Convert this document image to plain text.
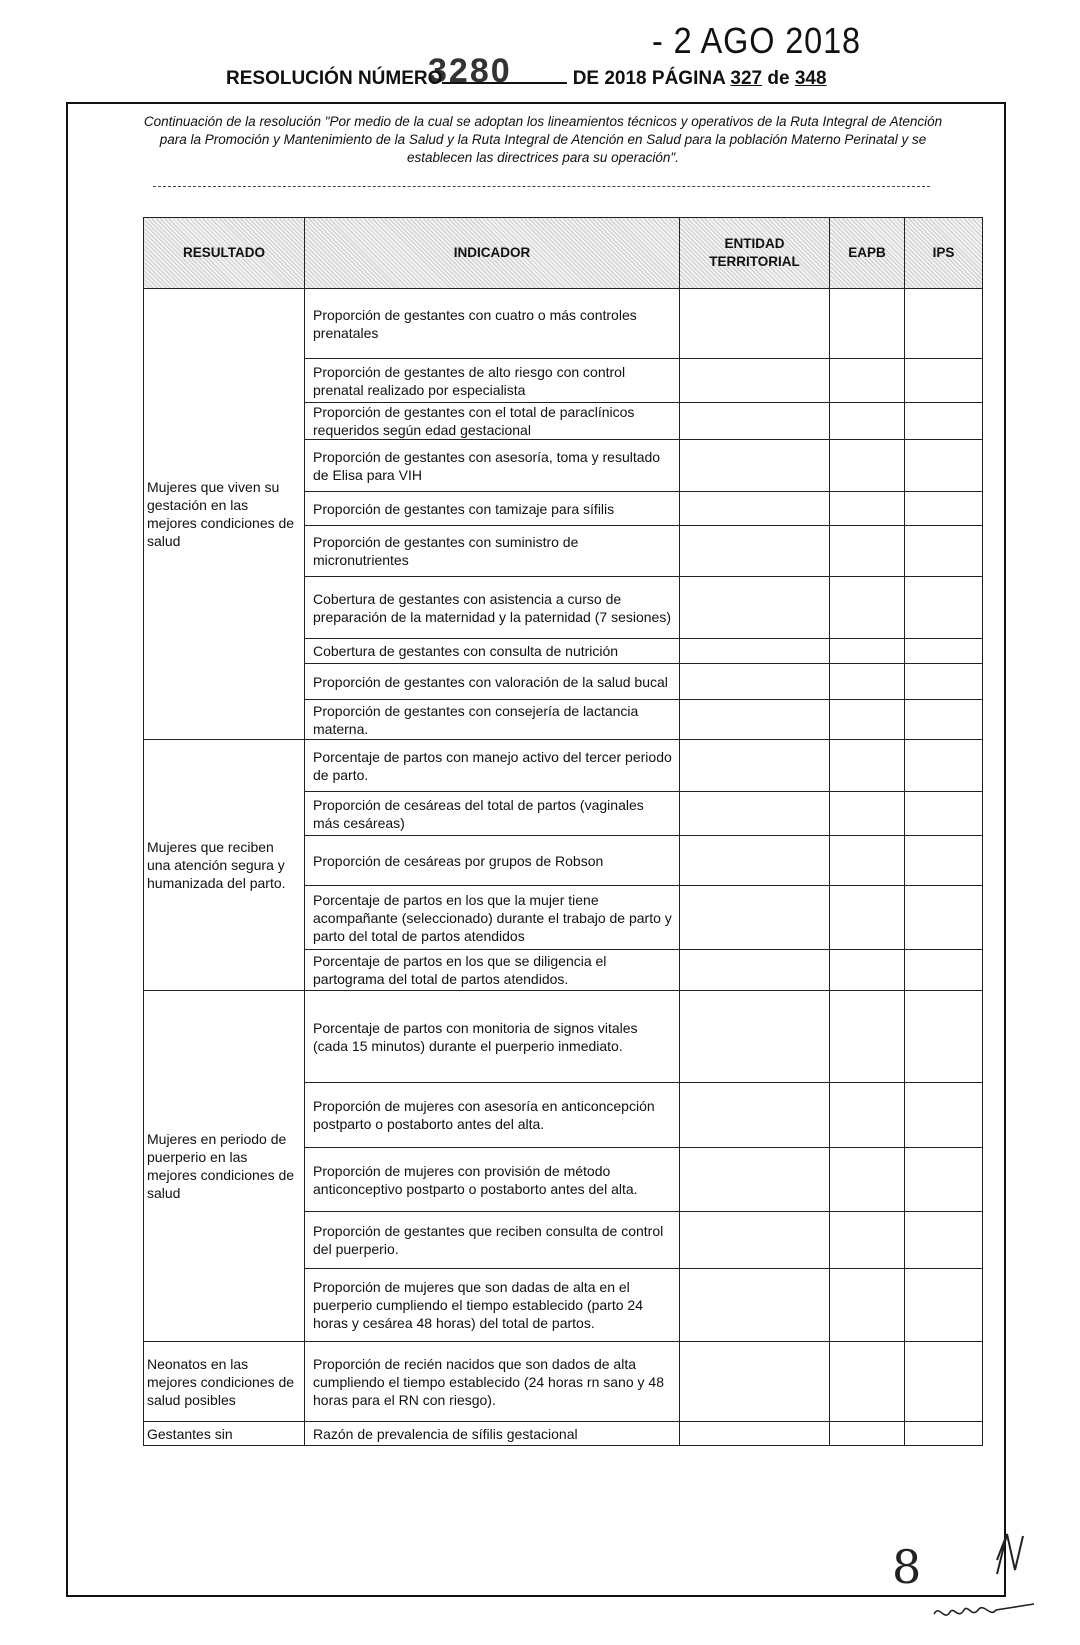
- 2 AGO 2018
3280
RESOLUCIÓN NÚMERO	DE 2018 PÁGINA 327 de 348
Continuación de la resolución "Por medio de la cual se adoptan los lineamientos técnicos y operativos de la Ruta Integral de Atención para la Promoción y Mantenimiento de la Salud y la Ruta Integral de Atención en Salud para la población Materno Perinatal y se establecen las directrices para su operación".
RESULTADO	INDICADOR	ENTIDAD TERRITORIAL	EAPB	IPS
Mujeres que viven su gestación en las mejores condiciones de salud	Proporción de gestantes con cuatro o más controles prenatales			
	Proporción de gestantes de alto riesgo con control prenatal realizado por especialista			
	Proporción de gestantes con el total de paraclínicos requeridos según edad gestacional			
	Proporción de gestantes con asesoría, toma y resultado de Elisa para VIH			
	Proporción de gestantes con tamizaje para sífilis			
	Proporción de gestantes con suministro de micronutrientes			
	Cobertura de gestantes con asistencia a curso de preparación de la maternidad y la paternidad (7 sesiones)			
	Cobertura de gestantes con consulta de nutrición			
	Proporción de gestantes con valoración de la salud bucal			
	Proporción de gestantes con consejería de lactancia materna.			
Mujeres que reciben una atención segura y humanizada del parto.	Porcentaje de partos con manejo activo del tercer periodo de parto.			
	Proporción de cesáreas del total de partos (vaginales más cesáreas)			
	Proporción de cesáreas por grupos de Robson			
	Porcentaje de partos en los que la mujer tiene acompañante (seleccionado) durante el trabajo de parto y parto del total de partos atendidos			
	Porcentaje de partos en los que se diligencia el partograma del total de partos atendidos.			
Mujeres en periodo de puerperio en las mejores condiciones de salud	Porcentaje de partos con monitoria de signos vitales (cada 15 minutos) durante el puerperio inmediato.			
	Proporción de mujeres con asesoría en anticoncepción postparto o postaborto antes del alta.			
	Proporción de mujeres con provisión de método anticonceptivo postparto o postaborto antes del alta.			
	Proporción de gestantes que reciben consulta de control del puerperio.			
	Proporción de mujeres que son dadas de alta en el puerperio cumpliendo el tiempo establecido (parto 24 horas y cesárea 48 horas) del total de partos.			
Neonatos en las mejores condiciones de salud posibles	Proporción de recién nacidos que son dados de alta cumpliendo el tiempo establecido (24 horas rn sano y 48 horas para el RN con riesgo).			
Gestantes sin	Razón de prevalencia de sífilis gestacional			
8
